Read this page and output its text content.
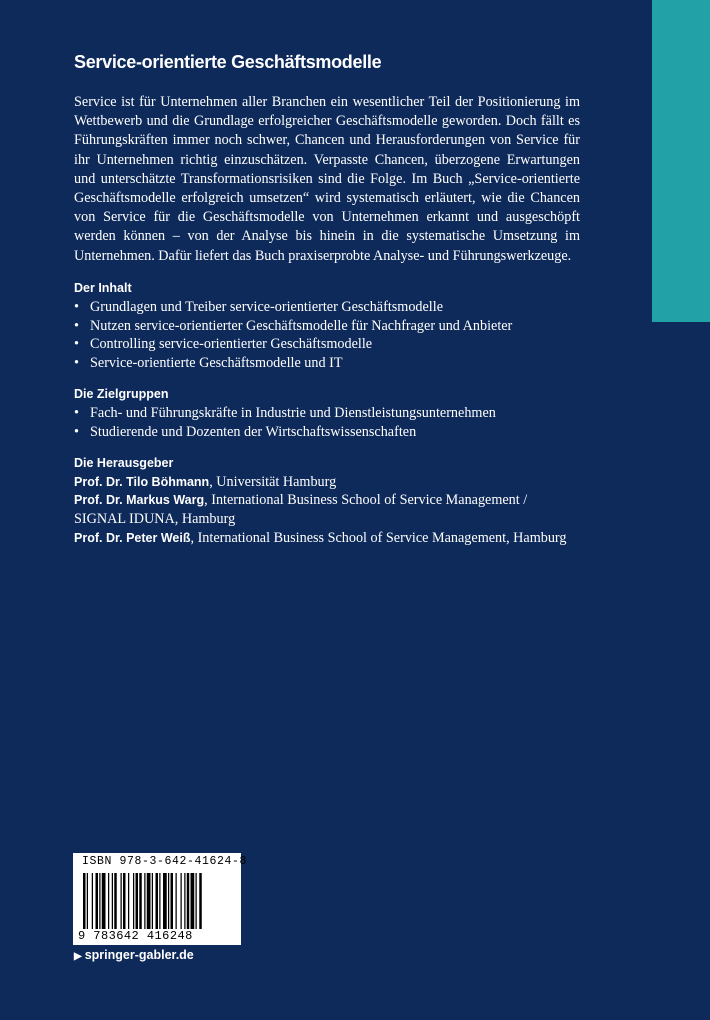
Service-orientierte Geschäftsmodelle

Service ist für Unternehmen aller Branchen ein wesentlicher Teil der Positionierung im Wettbewerb und die Grundlage erfolgreicher Geschäftsmodelle geworden. Doch fällt es Führungskräften immer noch schwer, Chancen und Herausforderungen von Service für ihr Unternehmen richtig einzuschätzen. Verpasste Chancen, überzogene Erwartungen und unterschätzte Transformationsrisiken sind die Folge. Im Buch „Service-orientierte Geschäftsmodelle erfolgreich umsetzen“ wird systematisch erläutert, wie die Chancen von Service für die Geschäftsmodelle von Unternehmen erkannt und ausgeschöpft werden können – von der Analyse bis hinein in die systematische Umsetzung im Unternehmen. Dafür liefert das Buch praxiserprobte Analyse- und Führungswerkzeuge.

Der Inhalt
• Grundlagen und Treiber service-orientierter Geschäftsmodelle
• Nutzen service-orientierter Geschäftsmodelle für Nachfrager und Anbieter
• Controlling service-orientierter Geschäftsmodelle
• Service-orientierte Geschäftsmodelle und IT
Die Zielgruppen
• Fach- und Führungskräfte in Industrie und Dienstleistungsunternehmen
• Studierende und Dozenten der Wirtschaftswissenschaften
Die Herausgeber
Prof. Dr. Tilo Böhmann, Universität Hamburg
Prof. Dr. Markus Warg, International Business School of Service Management / SIGNAL IDUNA, Hamburg
Prof. Dr. Peter Weiß, International Business School of Service Management, Hamburg
ISBN 978-3-642-41624-8
9 783642 416248
▶ springer-gabler.de
